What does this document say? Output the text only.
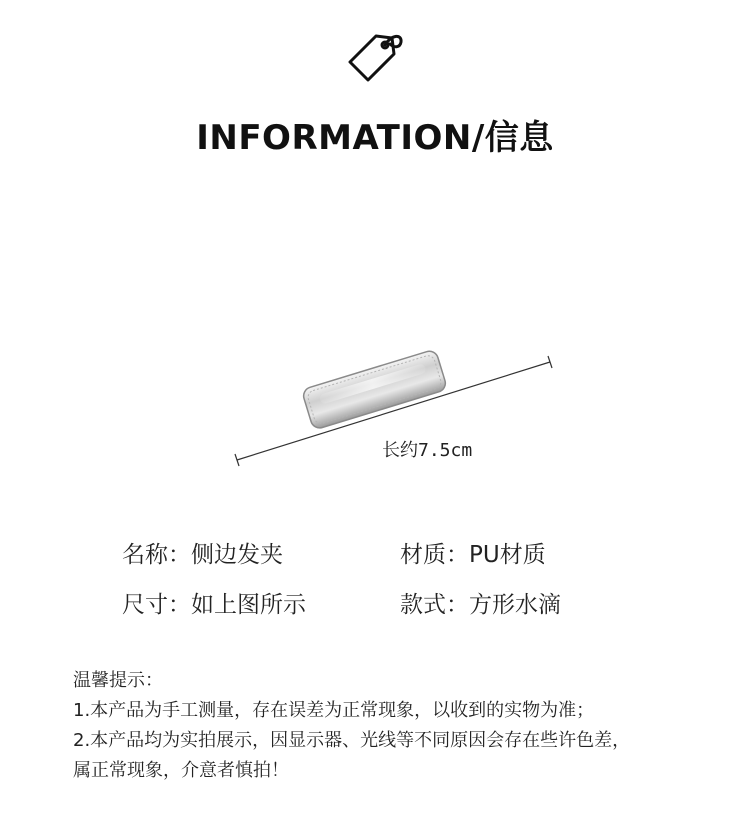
INFORMATION/信息
长约7.5cm
名称：侧边发夹	材质：PU材质
尺寸：如上图所示	款式：方形水滴
温馨提示：
1.本产品为手工测量，存在误差为正常现象，以收到的实物为准；
2.本产品均为实拍展示，因显示器、光线等不同原因会存在些许色差，
属正常现象，介意者慎拍！
